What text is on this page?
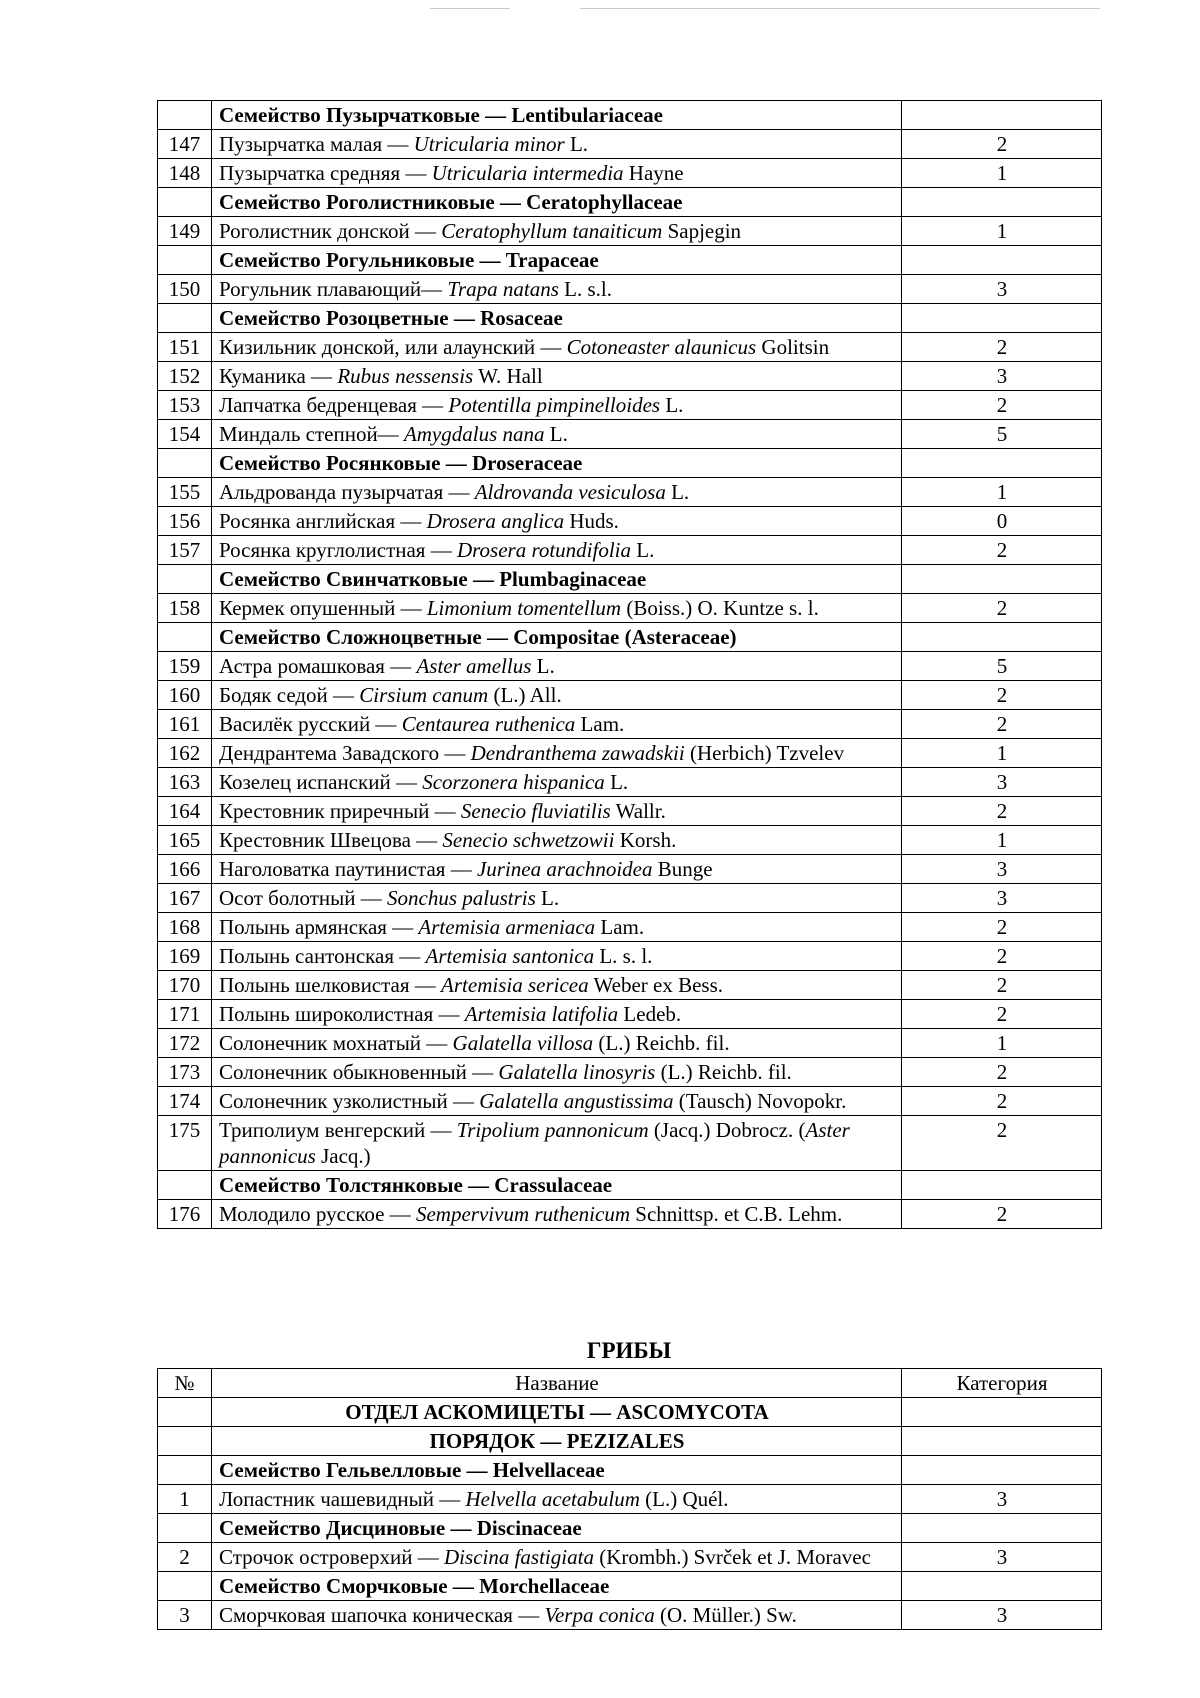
	Семейство Пузырчатковые — Lentibulariaceae	
147	Пузырчатка малая — Utricularia minor L.	2
148	Пузырчатка средняя — Utricularia intermedia Hayne	1
	Семейство Роголистниковые — Ceratophyllaceae	
149	Роголистник донской — Ceratophyllum tanaiticum Sapjegin	1
	Семейство Рогульниковые — Trapaceae	
150	Рогульник плавающий— Trapa natans L. s.l.	3
	Семейство Розоцветные — Rosaceae	
151	Кизильник донской, или алаунский — Cotoneaster alaunicus Golitsin	2
152	Куманика — Rubus nessensis W. Hall	3
153	Лапчатка бедренцевая — Potentilla pimpinelloides L.	2
154	Миндаль степной— Amygdalus nana L.	5
	Семейство Росянковые — Droseraceae	
155	Альдрованда пузырчатая — Aldrovanda vesiculosa L.	1
156	Росянка английская — Drosera anglica Huds.	0
157	Росянка круглолистная — Drosera rotundifolia L.	2
	Семейство Свинчатковые — Plumbaginaceae	
158	Кермек опушенный — Limonium tomentellum (Boiss.) O. Kuntze s. l.	2
	Семейство Сложноцветные — Compositae (Asteraceae)	
159	Астра ромашковая — Aster amellus L.	5
160	Бодяк седой — Cirsium canum (L.) All.	2
161	Василёк русский — Centaurea ruthenica Lam.	2
162	Дендрантема Завадского — Dendranthema zawadskii (Herbich) Tzvelev	1
163	Козелец испанский — Scorzonera hispanica L.	3
164	Крестовник приречный — Senecio fluviatilis Wallr.	2
165	Крестовник Швецова — Senecio schwetzowii Korsh.	1
166	Наголоватка паутинистая — Jurinea arachnoidea Bunge	3
167	Осот болотный — Sonchus palustris L.	3
168	Полынь армянская — Artemisia armeniaca Lam.	2
169	Полынь сантонская — Artemisia santonica L. s. l.	2
170	Полынь шелковистая — Artemisia sericea Weber ex Bess.	2
171	Полынь широколистная — Artemisia latifolia Ledeb.	2
172	Солонечник мохнатый — Galatella villosa (L.) Reichb. fil.	1
173	Солонечник обыкновенный — Galatella linosyris (L.) Reichb. fil.	2
174	Солонечник узколистный — Galatella angustissima (Tausch) Novopokr.	2
175	Триполиум венгерский — Tripolium pannonicum (Jacq.) Dobrocz. (Aster pannonicus Jacq.)	2
	Семейство Толстянковые — Crassulaceae	
176	Молодило русское — Sempervivum ruthenicum Schnittsp. et C.B. Lehm.	2
ГРИБЫ
№	Название	Категория
	ОТДЕЛ АСКОМИЦЕТЫ — ASCOMYCOTA	
	ПОРЯДОК — PEZIZALES	
	Семейство Гельвелловые — Helvellaceae	
1	Лопастник чашевидный — Helvella acetabulum (L.) Quél.	3
	Семейство Дисциновые — Discinaceae	
2	Строчок островерхий — Discina fastigiata (Krombh.) Svrček et J. Moravec	3
	Семейство Сморчковые — Morchellaceae	
3	Сморчковая шапочка коническая — Verpa conica (O. Müller.) Sw.	3
